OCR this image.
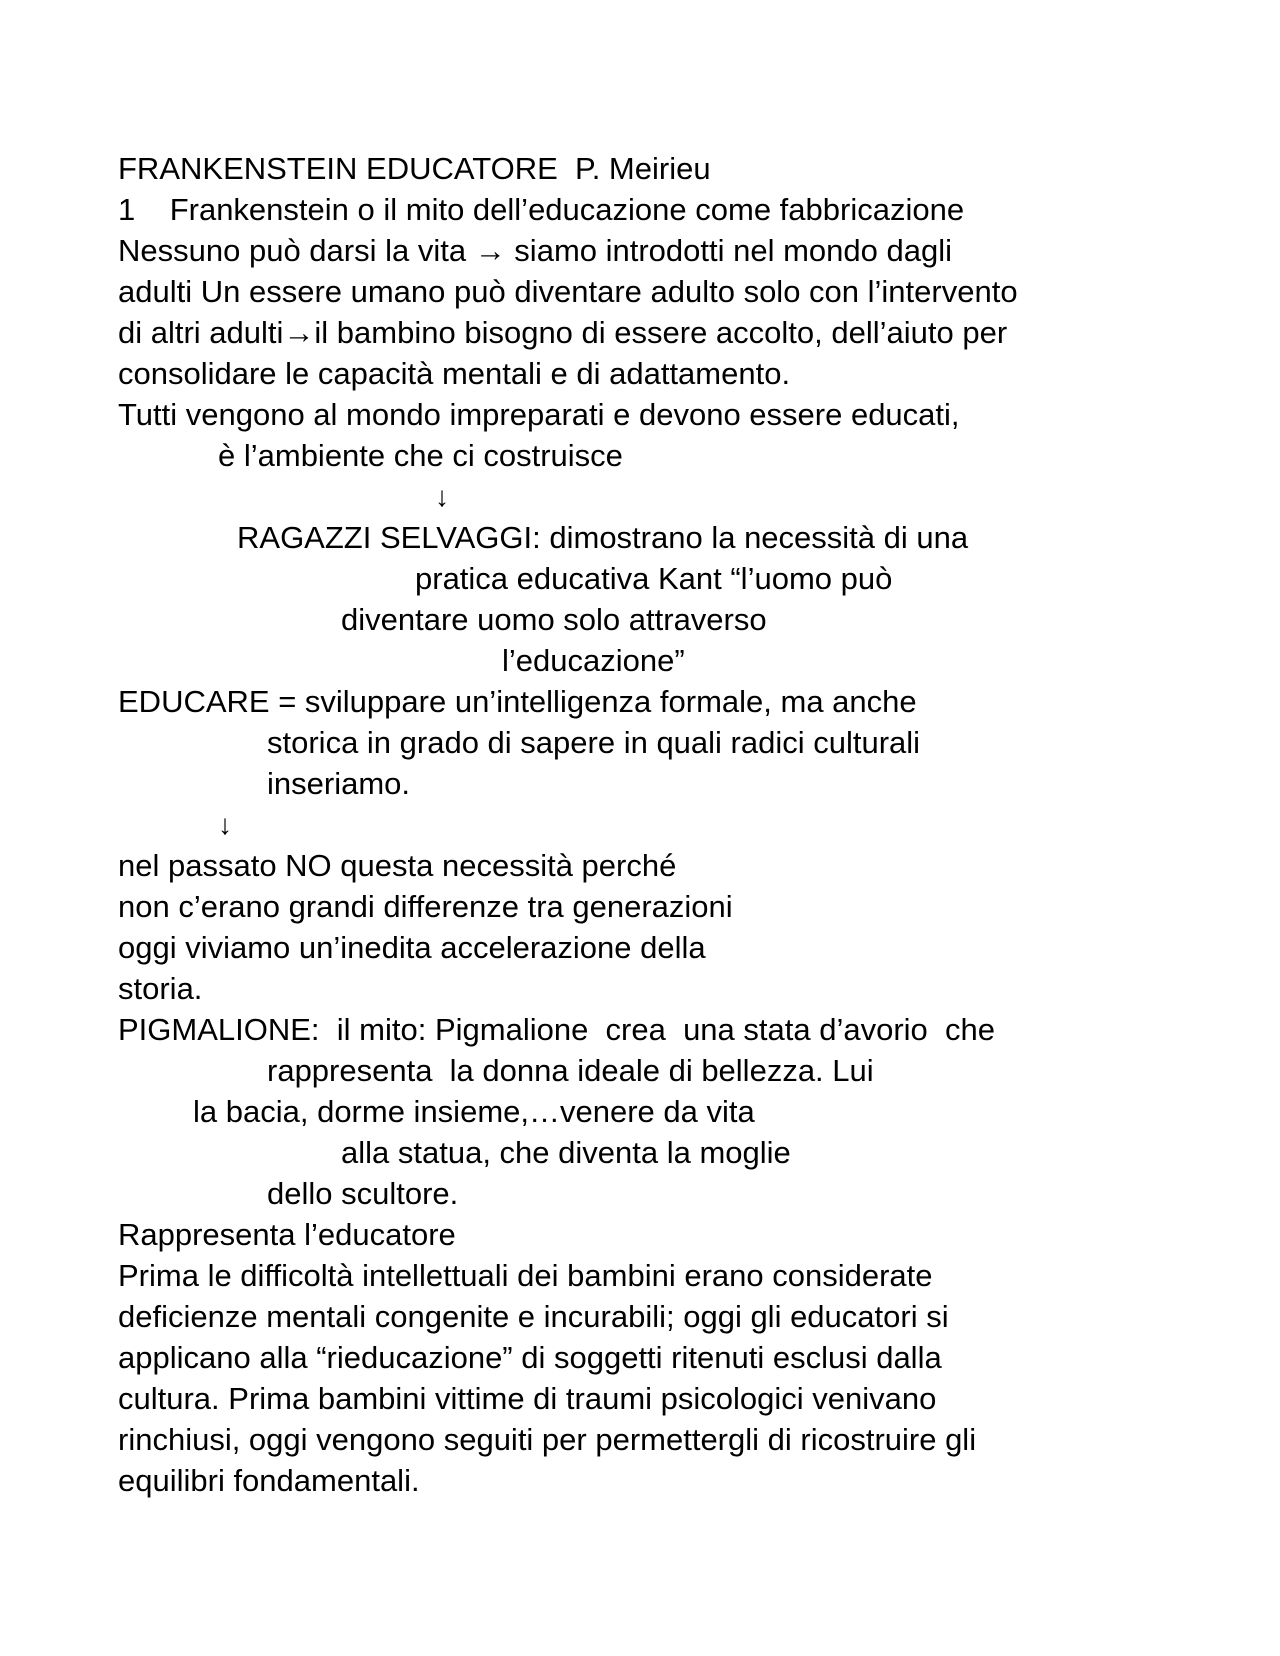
FRANKENSTEIN EDUCATORE  P. Meirieu

1    Frankenstein o il mito dell’educazione come fabbricazione

Nessuno può darsi la vita → siamo introdotti nel mondo dagli

adulti Un essere umano può diventare adulto solo con l’intervento

di altri adulti→il bambino bisogno di essere accolto, dell’aiuto per

consolidare le capacità mentali e di adattamento.

Tutti vengono al mondo impreparati e devono essere educati,

è l’ambiente che ci costruisce

↓

RAGAZZI SELVAGGI: dimostrano la necessità di una

pratica educativa Kant “l’uomo può

diventare uomo solo attraverso

l’educazione”

EDUCARE = sviluppare un’intelligenza formale, ma anche

storica in grado di sapere in quali radici culturali

inseriamo.

↓

nel passato NO questa necessità perché

non c’erano grandi differenze tra generazioni

oggi viviamo un’inedita accelerazione della

storia.

PIGMALIONE:  il mito: Pigmalione  crea  una stata d’avorio  che

rappresenta  la donna ideale di bellezza. Lui

la bacia, dorme insieme,…venere da vita

alla statua, che diventa la moglie

dello scultore.

Rappresenta l’educatore

Prima le difficoltà intellettuali dei bambini erano considerate

deficienze mentali congenite e incurabili; oggi gli educatori si

applicano alla “rieducazione” di soggetti ritenuti esclusi dalla

cultura. Prima bambini vittime di traumi psicologici venivano

rinchiusi, oggi vengono seguiti per permettergli di ricostruire gli

equilibri fondamentali.
